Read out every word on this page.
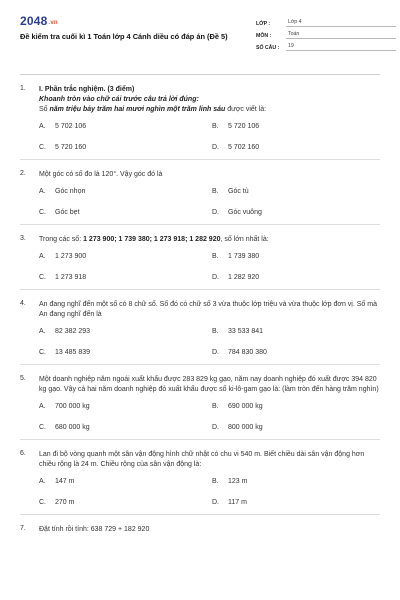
2048.vn
Đề kiểm tra cuối kì 1 Toán lớp 4 Cánh diều có đáp án (Đề 5)
LỚP :	Lớp 4
MÔN :	Toán
SỐ CÂU :	19
1.	I. Phần trắc nghiệm. (3 điểm)
Khoanh tròn vào chữ cái trước câu trả lời đúng:
Số năm triệu bảy trăm hai mươi nghìn một trăm linh sáu được viết là:
A.	5 702 106	B.	5 720 106
C.	5 720 160	D.	5 702 160
2.	Một góc có số đo là 120°. Vậy góc đó là
A.	Góc nhọn	B.	Góc tù
C.	Góc bẹt	D.	Góc vuông
3.	Trong các số: 1 273 900; 1 739 380; 1 273 918; 1 282 920, số lớn nhất là:
A.	1 273 900	B.	1 739 380
C.	1 273 918	D.	1 282 920
4.	An đang nghĩ đến một số có 8 chữ số. Số đó có chữ số 3 vừa thuộc lớp triệu và vừa thuộc lớp đơn vị. Số mà An đang nghĩ đến là
A.	82 382 293	B.	33 533 841
C.	13 485 839	D.	784 830 380
5.	Một doanh nghiệp năm ngoái xuất khẩu được 283 829 kg gạo, năm nay doanh nghiệp đó xuất được 394 820 kg gạo. Vậy cả hai năm doanh nghiệp đó xuất khẩu được số ki-lô-gam gạo là: (làm tròn đến hàng trăm nghìn)
A.	700 000 kg	B.	690 000 kg
C.	680 000 kg	D.	800 000 kg
6.	Lan đi bộ vòng quanh một sân vận động hình chữ nhật có chu vi 540 m. Biết chiều dài sân vận động hơn chiều rộng là 24 m. Chiều rộng của sân vận động là:
A.	147 m	B.	123 m
C.	270 m	D.	117 m
7.	Đặt tính rồi tính: 638 729 + 182 920
